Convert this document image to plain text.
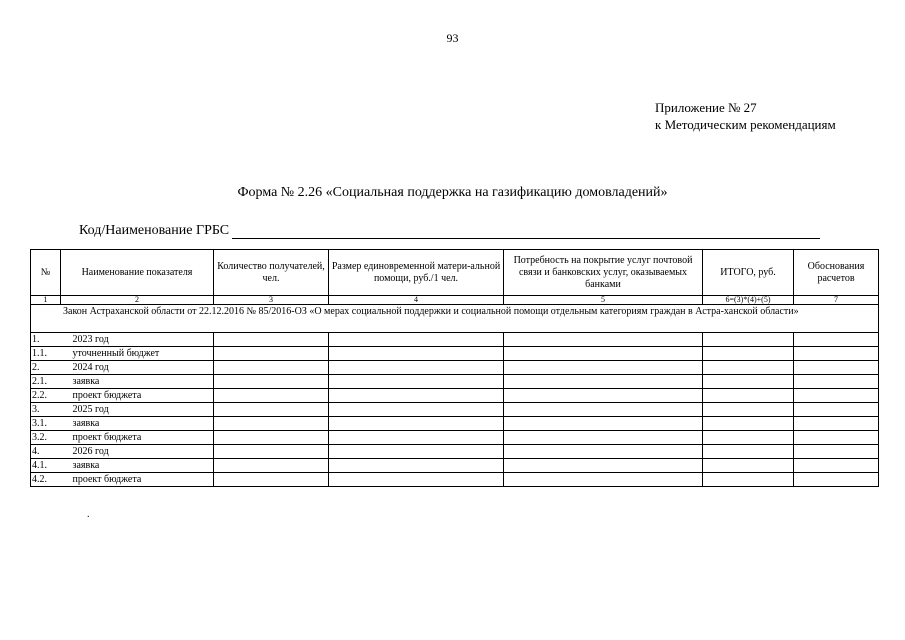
93
Приложение № 27
к Методическим рекомендациям
Форма № 2.26 «Социальная поддержка на газификацию домовладений»
Код/Наименование ГРБС
№	Наименование показателя	Количество получателей, чел.	Размер единовременной матери-альной помощи, руб./1 чел.	Потребность на покрытие услуг почтовой связи и банковских услуг, оказываемых банками	ИТОГО, руб.	Обоснования расчетов
1	2	3	4	5	6=(3)*(4)+(5)	7
Закон Астраханской области от 22.12.2016 № 85/2016-ОЗ «О мерах социальной поддержки и социальной помощи отдельным категориям граждан в Астра-ханской области»						
1.	2023 год					
1.1.	уточненный бюджет					
2.	2024 год					
2.1.	заявка					
2.2.	проект бюджета					
3.	2025 год					
3.1.	заявка					
3.2.	проект бюджета					
4.	2026 год					
4.1.	заявка					
4.2.	проект бюджета					
.
